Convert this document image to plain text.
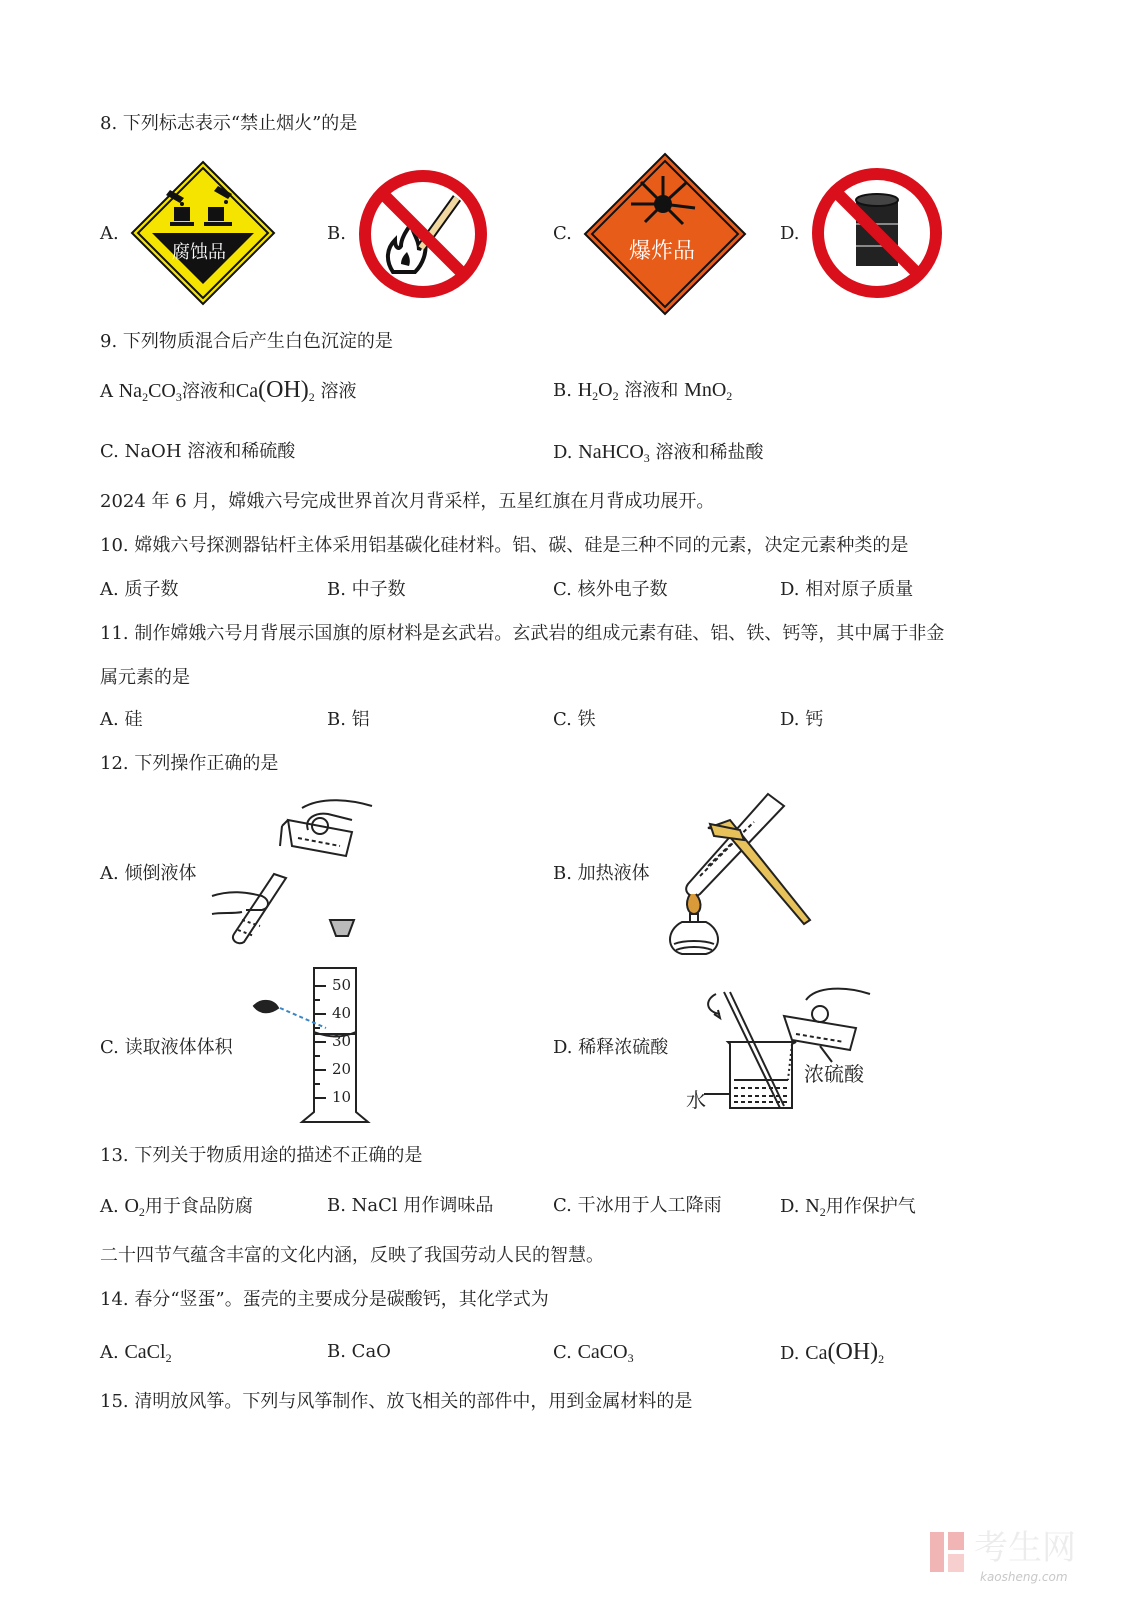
8. 下列标志表示“禁止烟火”的是
A.	B.	C.	D.
腐蚀品	爆炸品
9. 下列物质混合后产生白色沉淀的是
A $Na_2CO_3$溶液和$Ca(OH)_2$ 溶液	B. $H_2O_2$ 溶液和 MnO$_2$
C. NaOH 溶液和稀硫酸	D. NaHCO$_3$ 溶液和稀盐酸
2024 年 6 月，嫦娥六号完成世界首次月背采样，五星红旗在月背成功展开。
10. 嫦娥六号探测器钻杆主体采用铝基碳化硅材料。铝、碳、硅是三种不同的元素，决定元素种类的是
A. 质子数	B. 中子数	C. 核外电子数	D. 相对原子质量
11. 制作嫦娥六号月背展示国旗的原材料是玄武岩。玄武岩的组成元素有硅、铝、铁、钙等，其中属于非金
属元素的是
A. 硅	B. 铝	C. 铁	D. 钙
12. 下列操作正确的是
A. 倾倒液体	B. 加热液体
C. 读取液体体积	D. 稀释浓硫酸
50
40
30
20
10	水
浓硫酸
13. 下列关于物质用途的描述不正确的是
A. $O_2$用于食品防腐	B. NaCl 用作调味品	C. 干冰用于人工降雨	D. $N_2$用作保护气
二十四节气蕴含丰富的文化内涵，反映了我国劳动人民的智慧。
14. 春分“竖蛋”。蛋壳的主要成分是碳酸钙，其化学式为
A. CaCl$_2$	B. CaO	C. CaCO$_3$	D. $Ca(OH)_2$
15. 清明放风筝。下列与风筝制作、放飞相关的部件中，用到金属材料的是
考生网
kaosheng.com
